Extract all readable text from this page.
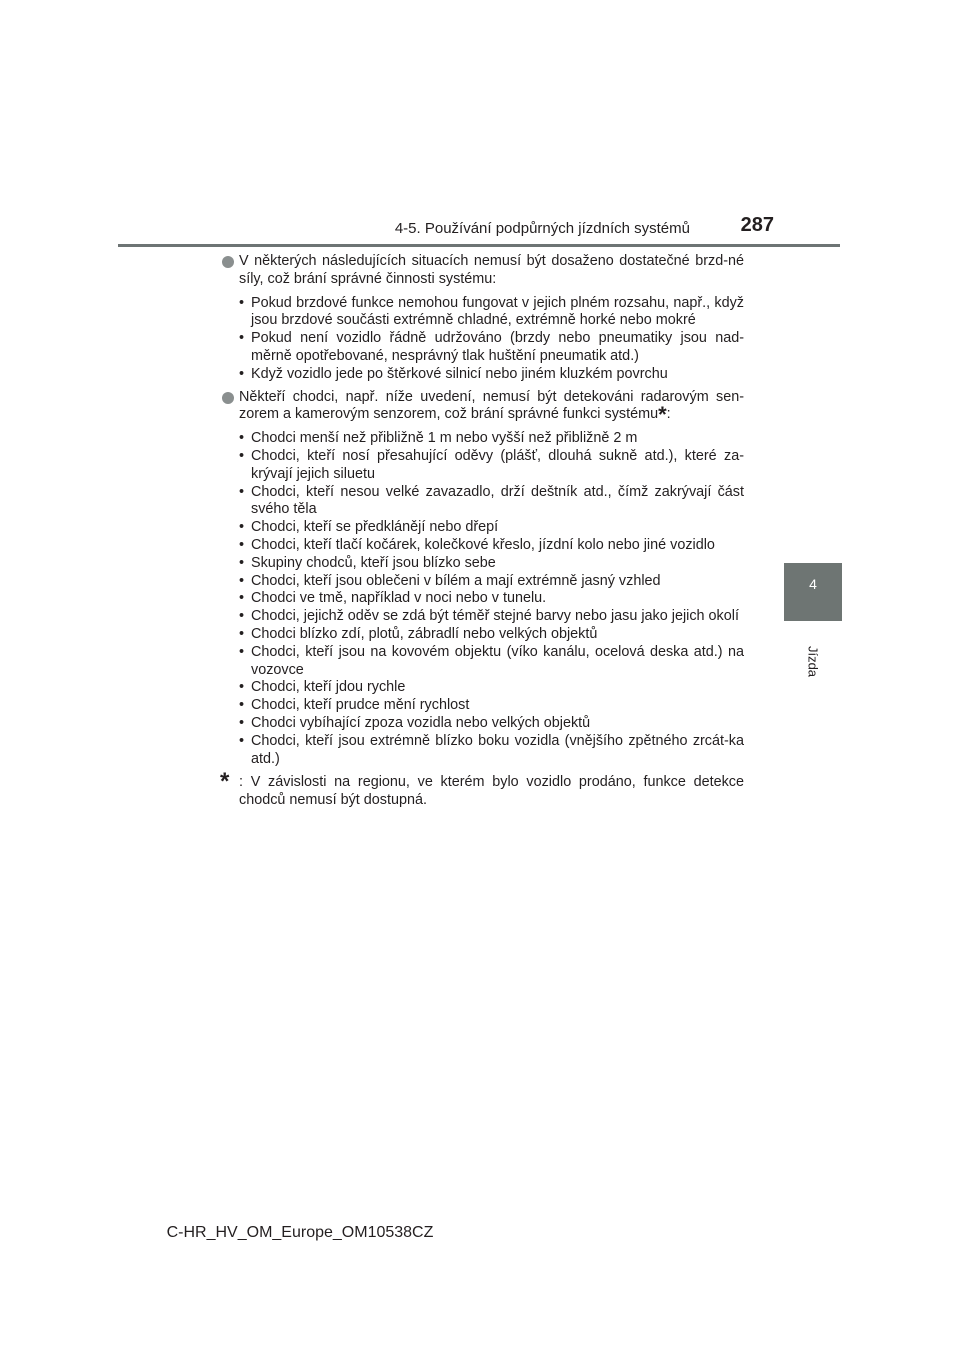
4-5. Používání podpůrných jízdních systémů	287
4
Jízda
V některých následujících situacích nemusí být dosaženo dostatečné brzd-né síly, což brání správné činnosti systému:
• Pokud brzdové funkce nemohou fungovat v jejich plném rozsahu, např., když jsou brzdové součásti extrémně chladné, extrémně horké nebo mokré
• Pokud není vozidlo řádně udržováno (brzdy nebo pneumatiky jsou nad-měrně opotřebované, nesprávný tlak huštění pneumatik atd.)
• Když vozidlo jede po štěrkové silnicí nebo jiném kluzkém povrchu
Někteří chodci, např. níže uvedení, nemusí být detekováni radarovým sen-zorem a kamerovým senzorem, což brání správné funkci systému*:
• Chodci menší než přibližně 1 m nebo vyšší než přibližně 2 m
• Chodci, kteří nosí přesahující oděvy (plášť, dlouhá sukně atd.), které za-krývají jejich siluetu
• Chodci, kteří nesou velké zavazadlo, drží deštník atd., čímž zakrývají část svého těla
• Chodci, kteří se předklánějí nebo dřepí
• Chodci, kteří tlačí kočárek, kolečkové křeslo, jízdní kolo nebo jiné vozidlo
• Skupiny chodců, kteří jsou blízko sebe
• Chodci, kteří jsou oblečeni v bílém a mají extrémně jasný vzhled
• Chodci ve tmě, například v noci nebo v tunelu.
• Chodci, jejichž oděv se zdá být téměř stejné barvy nebo jasu jako jejich okolí
• Chodci blízko zdí, plotů, zábradlí nebo velkých objektů
• Chodci, kteří jsou na kovovém objektu (víko kanálu, ocelová deska atd.) na vozovce
• Chodci, kteří jdou rychle
• Chodci, kteří prudce mění rychlost
• Chodci vybíhající zpoza vozidla nebo velkých objektů
• Chodci, kteří jsou extrémně blízko boku vozidla (vnějšího zpětného zrcát-ka atd.)
* : V závislosti na regionu, ve kterém bylo vozidlo prodáno, funkce detekce chodců nemusí být dostupná.
C-HR_HV_OM_Europe_OM10538CZ
